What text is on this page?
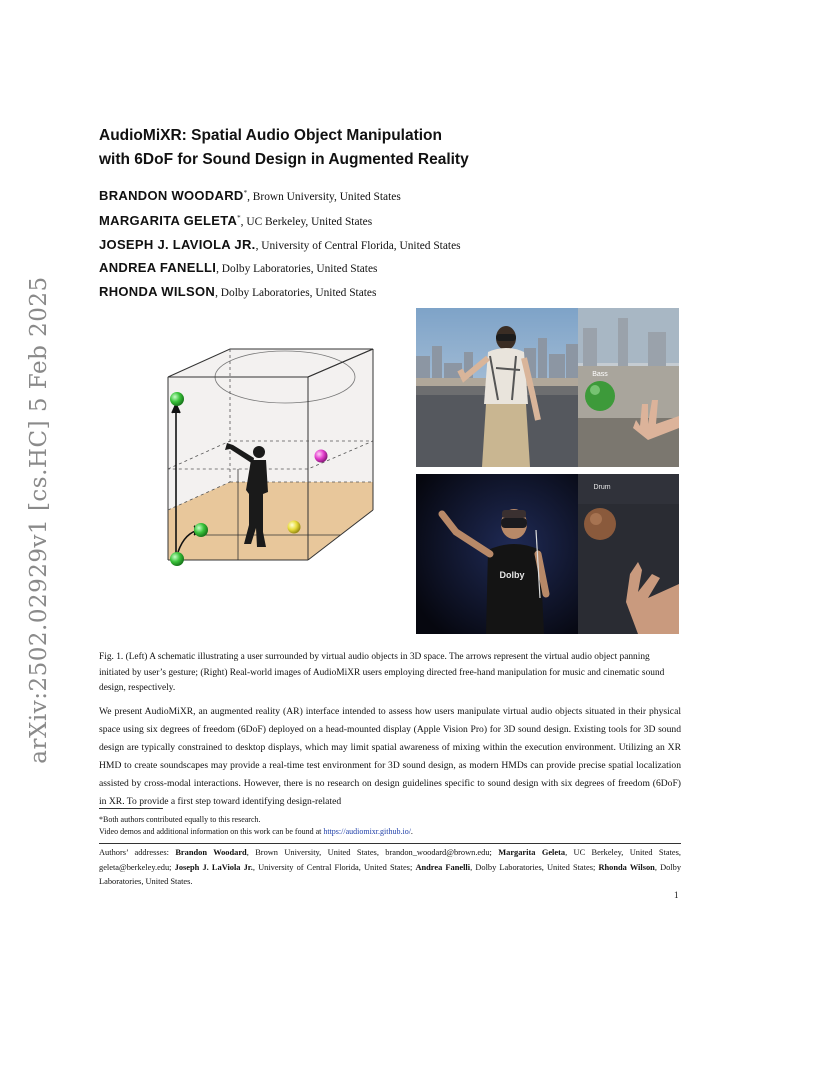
arXiv:2502.02929v1 [cs.HC] 5 Feb 2025
AudioMiXR: Spatial Audio Object Manipulation
with 6DoF for Sound Design in Augmented Reality
BRANDON WOODARD*, Brown University, United States
MARGARITA GELETA*, UC Berkeley, United States
JOSEPH J. LAVIOLA JR., University of Central Florida, United States
ANDREA FANELLI, Dolby Laboratories, United States
RHONDA WILSON, Dolby Laboratories, United States
Bass
Dolby
Drum
Fig. 1. (Left) A schematic illustrating a user surrounded by virtual audio objects in 3D space. The arrows represent the virtual audio object panning initiated by user’s gesture; (Right) Real-world images of AudioMiXR users employing directed free-hand manipulation for music and cinematic sound design, respectively.
We present AudioMiXR, an augmented reality (AR) interface intended to assess how users manipulate virtual audio objects situated in their physical space using six degrees of freedom (6DoF) deployed on a head-mounted display (Apple Vision Pro) for 3D sound design. Existing tools for 3D sound design are typically constrained to desktop displays, which may limit spatial awareness of mixing within the execution environment. Utilizing an XR HMD to create soundscapes may provide a real-time test environment for 3D sound design, as modern HMDs can provide precise spatial localization assisted by cross-modal interactions. However, there is no research on design guidelines specific to sound design with six degrees of freedom (6DoF) in XR. To provide a first step toward identifying design-related
*Both authors contributed equally to this research.
Video demos and additional information on this work can be found at https://audiomixr.github.io/.
Authors’ addresses: Brandon Woodard, Brown University, United States, brandon_woodard@brown.edu; Margarita Geleta, UC Berkeley, United States, geleta@berkeley.edu; Joseph J. LaViola Jr., University of Central Florida, United States; Andrea Fanelli, Dolby Laboratories, United States; Rhonda Wilson, Dolby Laboratories, United States.
1
